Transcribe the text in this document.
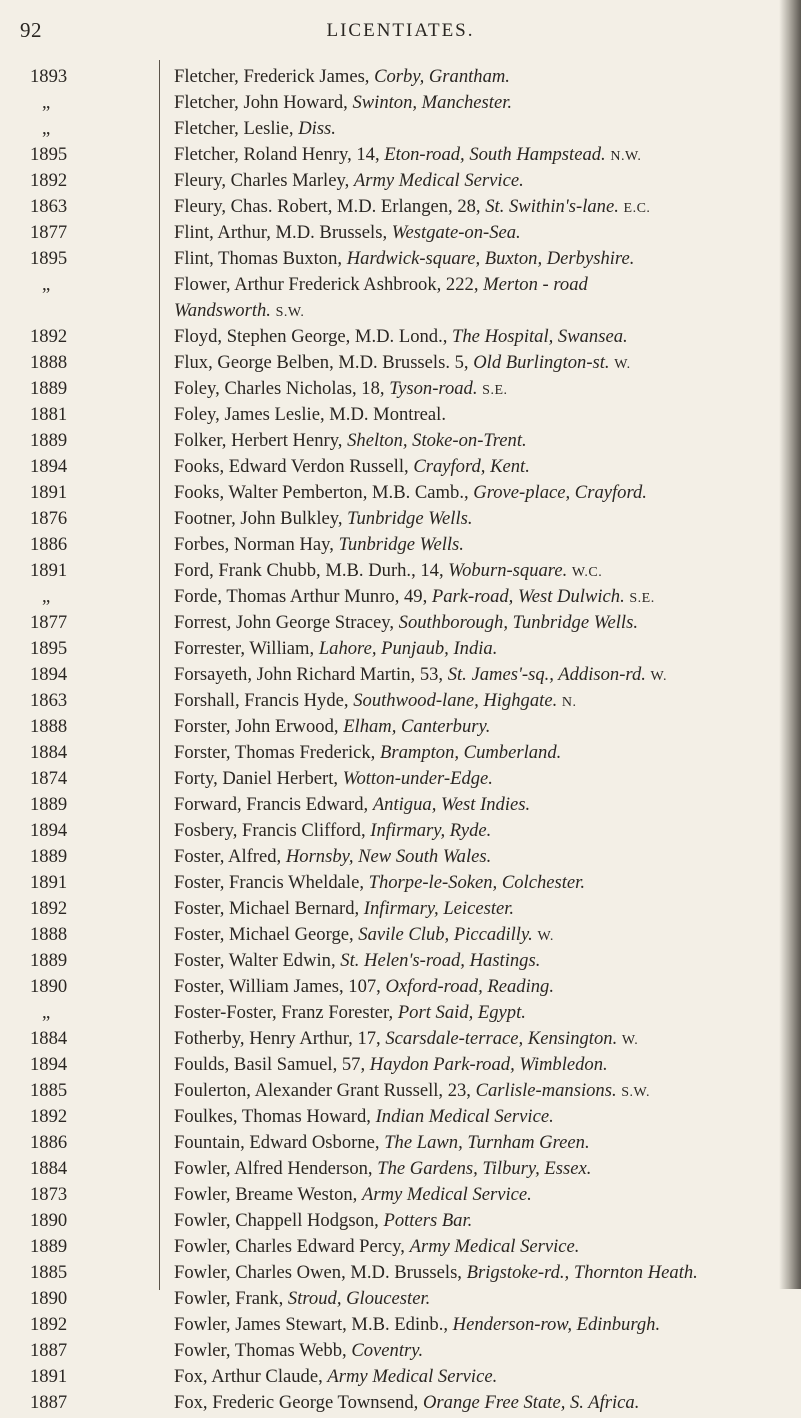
92	LICENTIATES.
1893	Fletcher, Frederick James, Corby, Grantham.
„	Fletcher, John Howard, Swinton, Manchester.
„	Fletcher, Leslie, Diss.
1895	Fletcher, Roland Henry, 14, Eton-road, South Hampstead. N.W.
1892	Fleury, Charles Marley, Army Medical Service.
1863	Fleury, Chas. Robert, M.D. Erlangen, 28, St. Swithin's-lane. E.C.
1877	Flint, Arthur, M.D. Brussels, Westgate-on-Sea.
1895	Flint, Thomas Buxton, Hardwick-square, Buxton, Derbyshire.
„	Flower, Arthur Frederick Ashbrook, 222, Merton - road
Wandsworth. S.W.
1892	Floyd, Stephen George, M.D. Lond., The Hospital, Swansea.
1888	Flux, George Belben, M.D. Brussels. 5, Old Burlington-st. W.
1889	Foley, Charles Nicholas, 18, Tyson-road. S.E.
1881	Foley, James Leslie, M.D. Montreal.
1889	Folker, Herbert Henry, Shelton, Stoke-on-Trent.
1894	Fooks, Edward Verdon Russell, Crayford, Kent.
1891	Fooks, Walter Pemberton, M.B. Camb., Grove-place, Crayford.
1876	Footner, John Bulkley, Tunbridge Wells.
1886	Forbes, Norman Hay, Tunbridge Wells.
1891	Ford, Frank Chubb, M.B. Durh., 14, Woburn-square. W.C.
„	Forde, Thomas Arthur Munro, 49, Park-road, West Dulwich. S.E.
1877	Forrest, John George Stracey, Southborough, Tunbridge Wells.
1895	Forrester, William, Lahore, Punjaub, India.
1894	Forsayeth, John Richard Martin, 53, St. James'-sq., Addison-rd. W.
1863	Forshall, Francis Hyde, Southwood-lane, Highgate. N.
1888	Forster, John Erwood, Elham, Canterbury.
1884	Forster, Thomas Frederick, Brampton, Cumberland.
1874	Forty, Daniel Herbert, Wotton-under-Edge.
1889	Forward, Francis Edward, Antigua, West Indies.
1894	Fosbery, Francis Clifford, Infirmary, Ryde.
1889	Foster, Alfred, Hornsby, New South Wales.
1891	Foster, Francis Wheldale, Thorpe-le-Soken, Colchester.
1892	Foster, Michael Bernard, Infirmary, Leicester.
1888	Foster, Michael George, Savile Club, Piccadilly. W.
1889	Foster, Walter Edwin, St. Helen's-road, Hastings.
1890	Foster, William James, 107, Oxford-road, Reading.
„	Foster-Foster, Franz Forester, Port Said, Egypt.
1884	Fotherby, Henry Arthur, 17, Scarsdale-terrace, Kensington. W.
1894	Foulds, Basil Samuel, 57, Haydon Park-road, Wimbledon.
1885	Foulerton, Alexander Grant Russell, 23, Carlisle-mansions. S.W.
1892	Foulkes, Thomas Howard, Indian Medical Service.
1886	Fountain, Edward Osborne, The Lawn, Turnham Green.
1884	Fowler, Alfred Henderson, The Gardens, Tilbury, Essex.
1873	Fowler, Breame Weston, Army Medical Service.
1890	Fowler, Chappell Hodgson, Potters Bar.
1889	Fowler, Charles Edward Percy, Army Medical Service.
1885	Fowler, Charles Owen, M.D. Brussels, Brigstoke-rd., Thornton Heath.
1890	Fowler, Frank, Stroud, Gloucester.
1892	Fowler, James Stewart, M.B. Edinb., Henderson-row, Edinburgh.
1887	Fowler, Thomas Webb, Coventry.
1891	Fox, Arthur Claude, Army Medical Service.
1887	Fox, Frederic George Townsend, Orange Free State, S. Africa.
